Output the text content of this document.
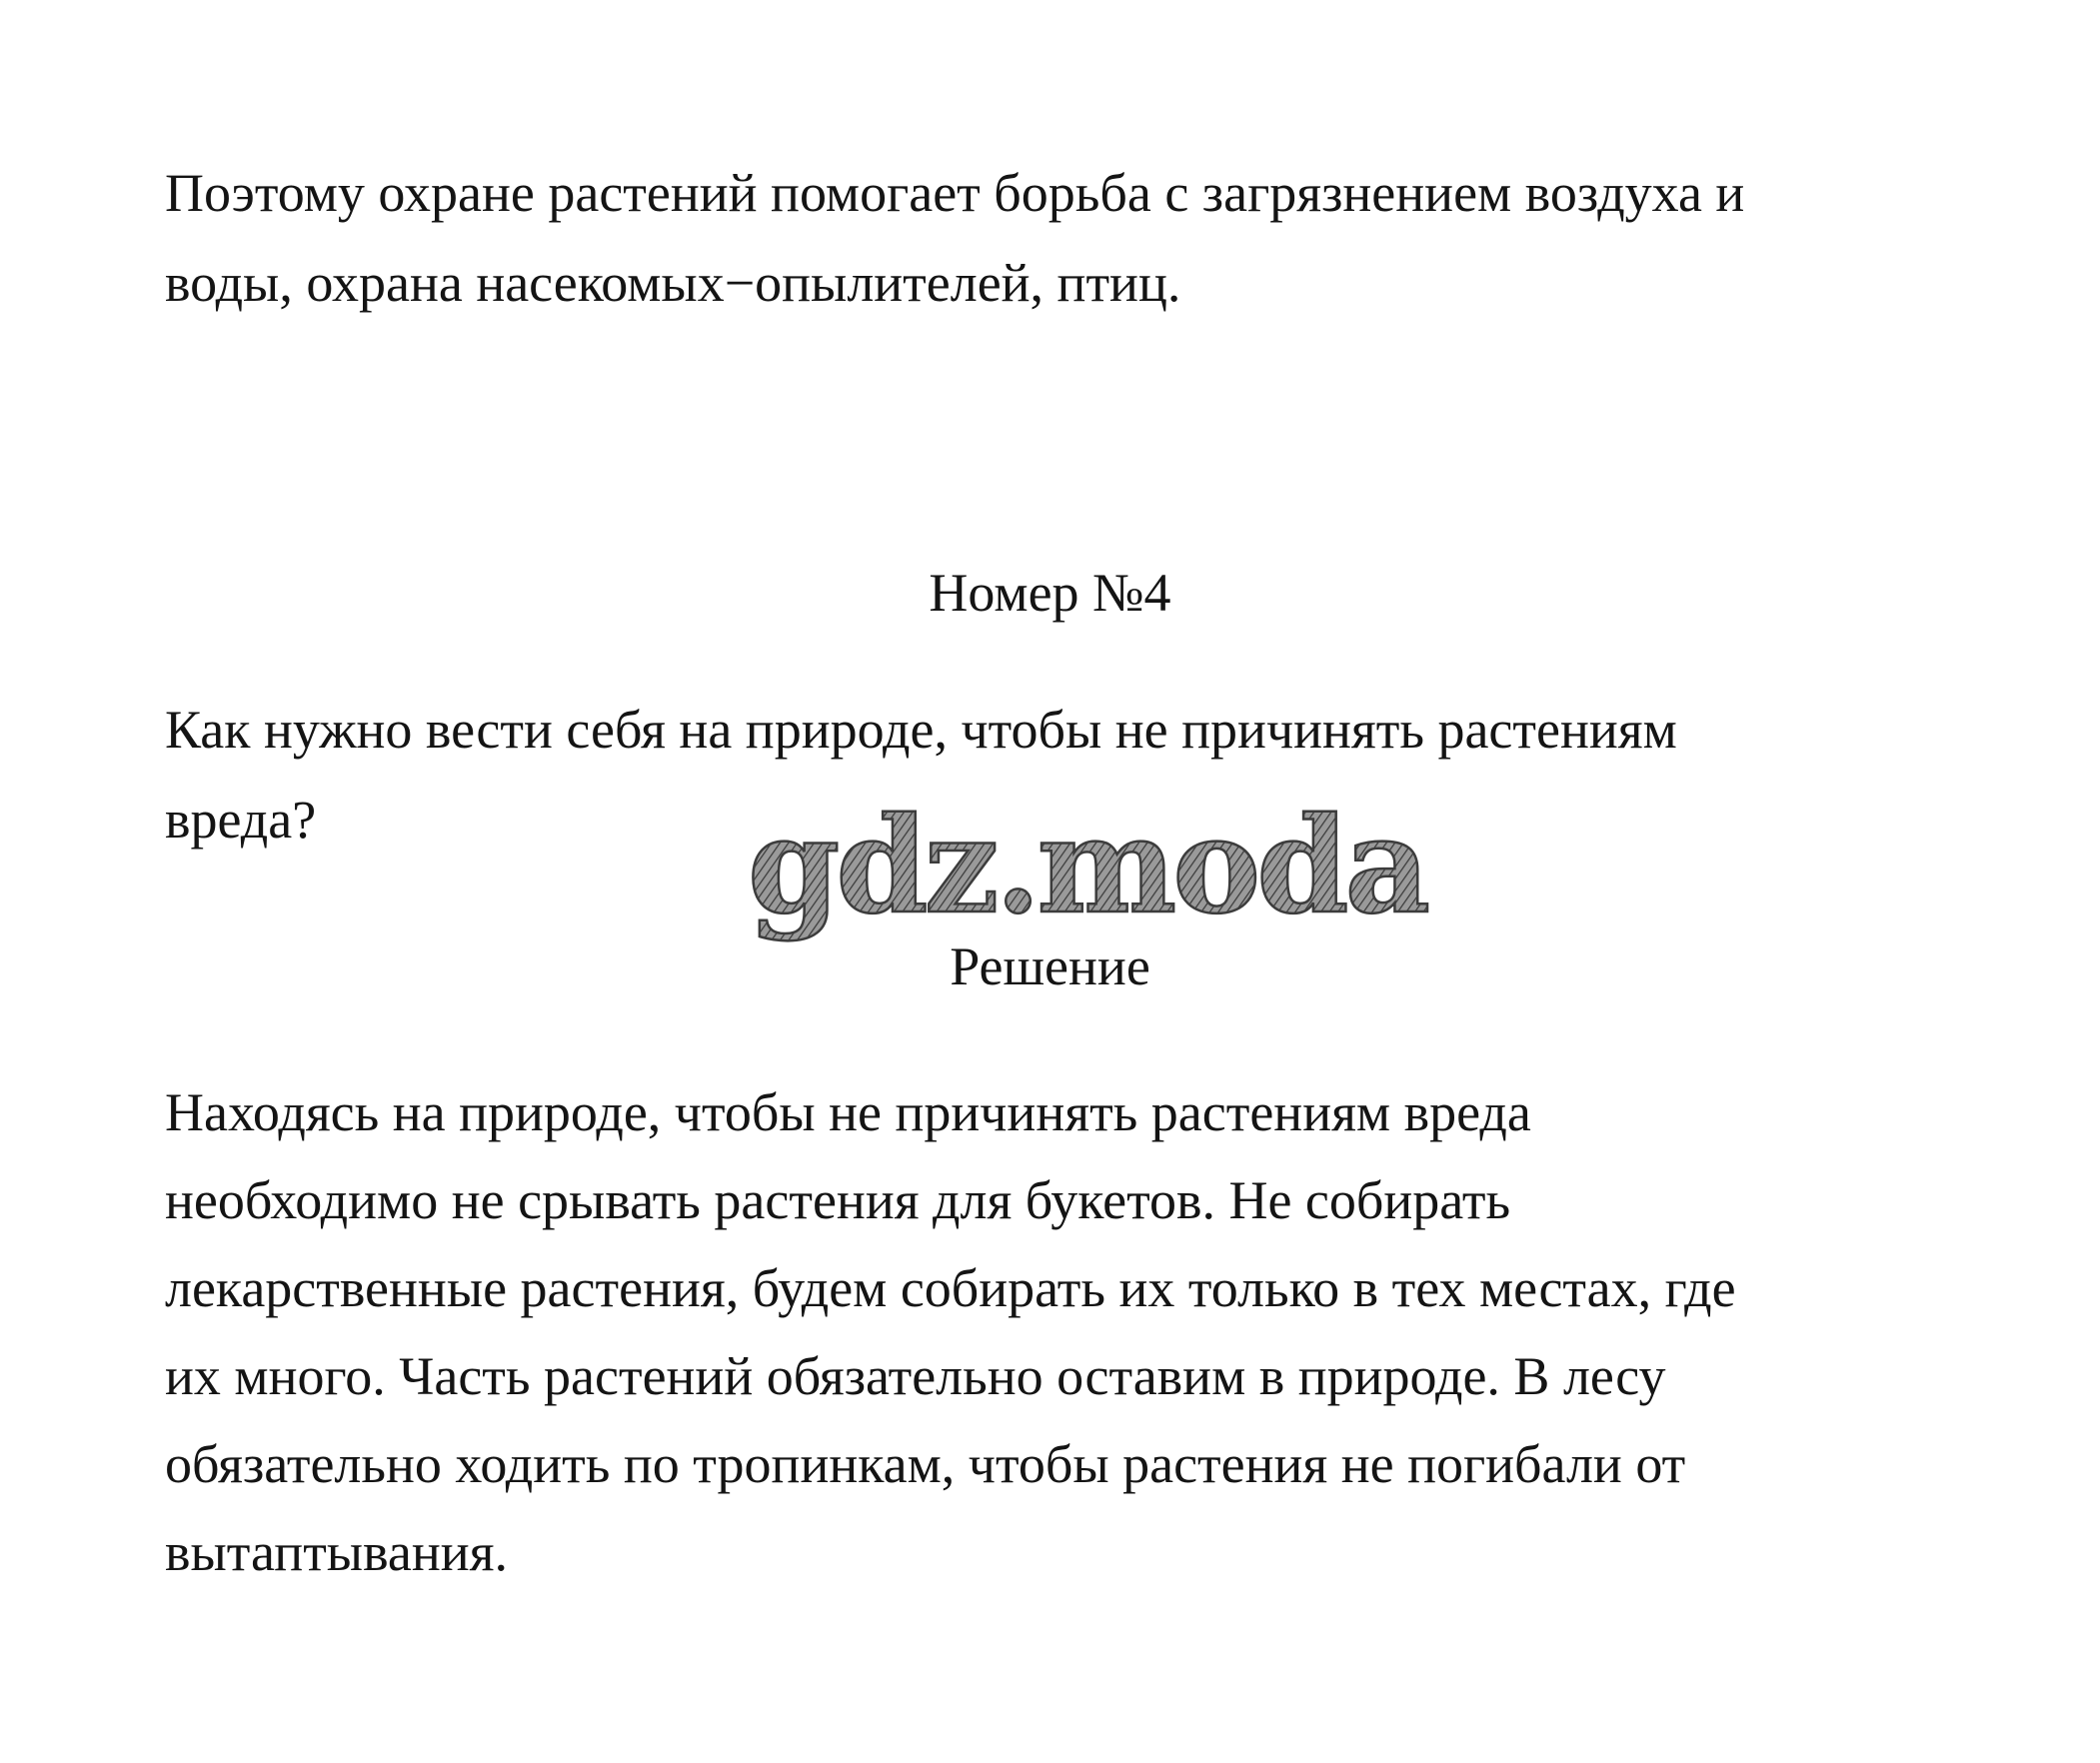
Поэтому охране растений помогает борьба с загрязнением воздуха и
воды, охрана насекомых−опылителей, птиц.
Номер №4
Как нужно вести себя на природе, чтобы не причинять растениям
вреда?	gdz.moda
Решение
Находясь на природе, чтобы не причинять растениям вреда
необходимо не срывать растения для букетов. Не собирать
лекарственные растения, будем собирать их только в тех местах, где
их много. Часть растений обязательно оставим в природе. В лесу
обязательно ходить по тропинкам, чтобы растения не погибали от
вытаптывания.
